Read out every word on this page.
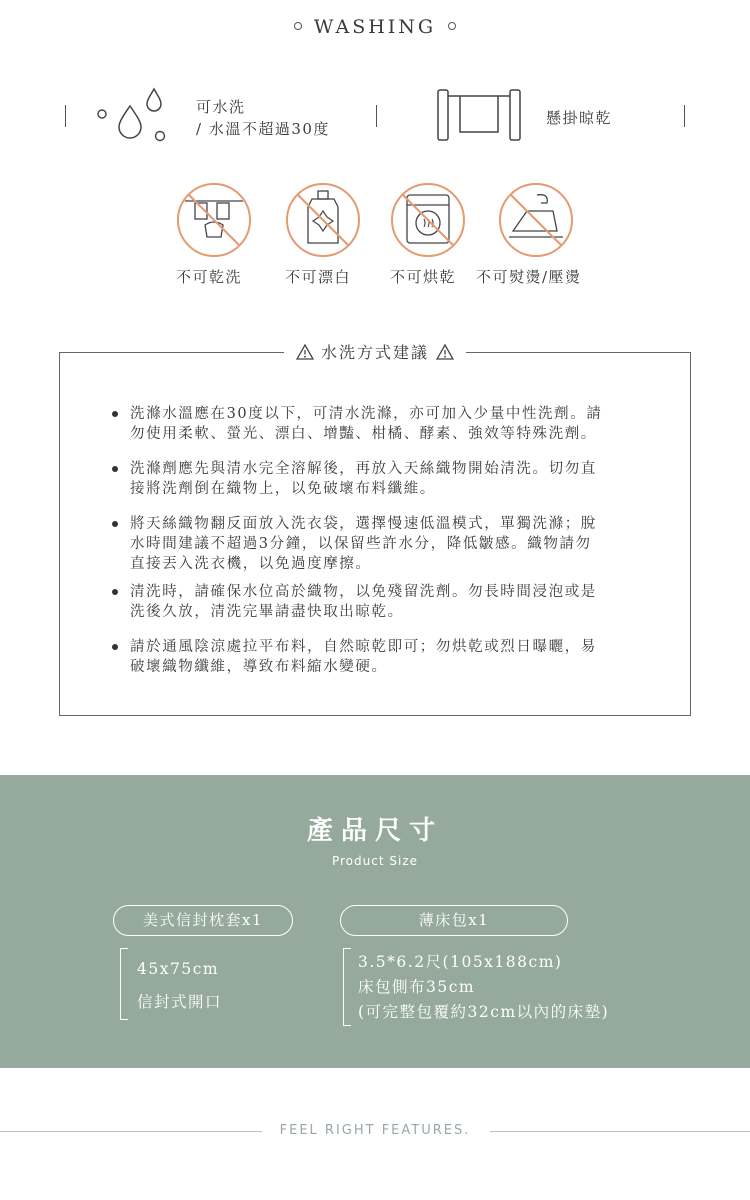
WASHING
可水洗
/ 水溫不超過30度
懸掛晾乾
不可乾洗	不可漂白	不可烘乾 不可熨燙/壓燙
水洗方式建議
洗滌水溫應在30度以下，可清水洗滌，亦可加入少量中性洗劑。請
勿使用柔軟、螢光、漂白、增豔、柑橘、酵素、強效等特殊洗劑。
洗滌劑應先與清水完全溶解後，再放入天絲織物開始清洗。切勿直
接將洗劑倒在織物上，以免破壞布料纖維。
將天絲織物翻反面放入洗衣袋，選擇慢速低溫模式，單獨洗滌；脫
水時間建議不超過3分鐘，以保留些許水分，降低皺感。織物請勿
直接丟入洗衣機，以免過度摩擦。
清洗時，請確保水位高於織物，以免殘留洗劑。勿長時間浸泡或是
洗後久放，清洗完畢請盡快取出晾乾。
請於通風陰涼處拉平布料，自然晾乾即可；勿烘乾或烈日曝曬，易
破壞織物纖維，導致布料縮水變硬。
產品尺寸
Product Size
美式信封枕套x1	薄床包x1
45x75cm
信封式開口
3.5*6.2尺(105x188cm)
床包側布35cm
(可完整包覆約32cm以內的床墊)
FEEL RIGHT FEATURES.
